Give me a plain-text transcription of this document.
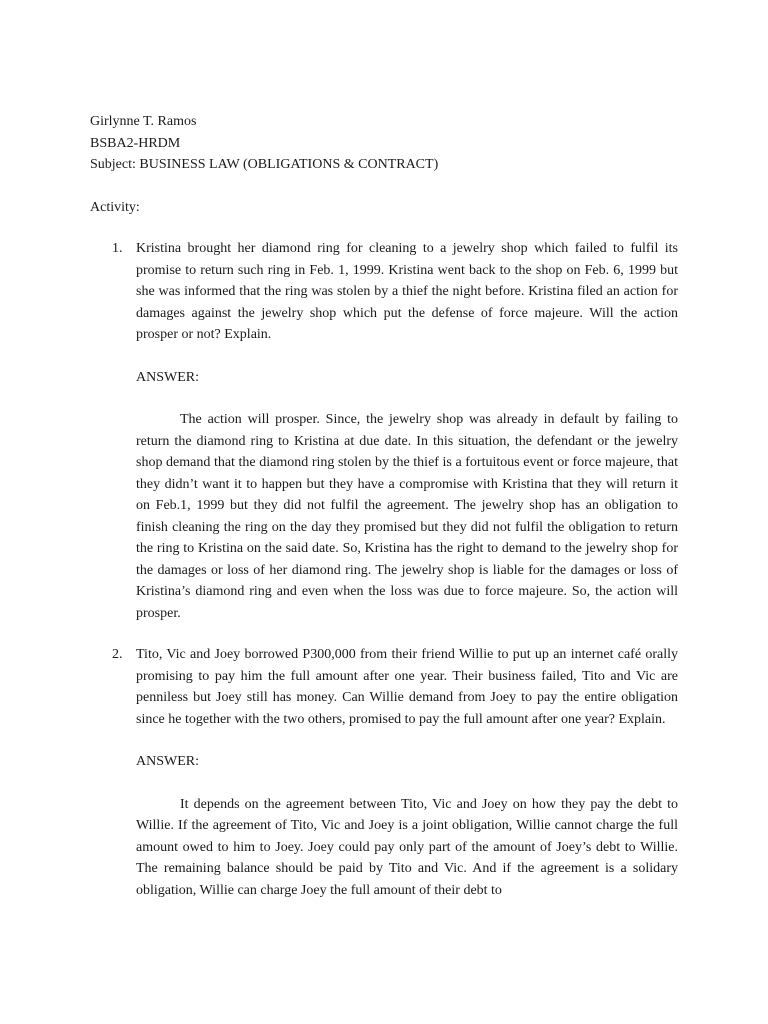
Girlynne T. Ramos
BSBA2-HRDM
Subject: BUSINESS LAW (OBLIGATIONS & CONTRACT)
Activity:
1. Kristina brought her diamond ring for cleaning to a jewelry shop which failed to fulfil its promise to return such ring in Feb. 1, 1999. Kristina went back to the shop on Feb. 6, 1999 but she was informed that the ring was stolen by a thief the night before. Kristina filed an action for damages against the jewelry shop which put the defense of force majeure. Will the action prosper or not? Explain.
ANSWER:
The action will prosper. Since, the jewelry shop was already in default by failing to return the diamond ring to Kristina at due date. In this situation, the defendant or the jewelry shop demand that the diamond ring stolen by the thief is a fortuitous event or force majeure, that they didn’t want it to happen but they have a compromise with Kristina that they will return it on Feb.1, 1999 but they did not fulfil the agreement. The jewelry shop has an obligation to finish cleaning the ring on the day they promised but they did not fulfil the obligation to return the ring to Kristina on the said date. So, Kristina has the right to demand to the jewelry shop for the damages or loss of her diamond ring. The jewelry shop is liable for the damages or loss of Kristina’s diamond ring and even when the loss was due to force majeure. So, the action will prosper.
2. Tito, Vic and Joey borrowed P300,000 from their friend Willie to put up an internet café orally promising to pay him the full amount after one year. Their business failed, Tito and Vic are penniless but Joey still has money. Can Willie demand from Joey to pay the entire obligation since he together with the two others, promised to pay the full amount after one year? Explain.
ANSWER:
It depends on the agreement between Tito, Vic and Joey on how they pay the debt to Willie. If the agreement of Tito, Vic and Joey is a joint obligation, Willie cannot charge the full amount owed to him to Joey. Joey could pay only part of the amount of Joey’s debt to Willie. The remaining balance should be paid by Tito and Vic. And if the agreement is a solidary obligation, Willie can charge Joey the full amount of their debt to
